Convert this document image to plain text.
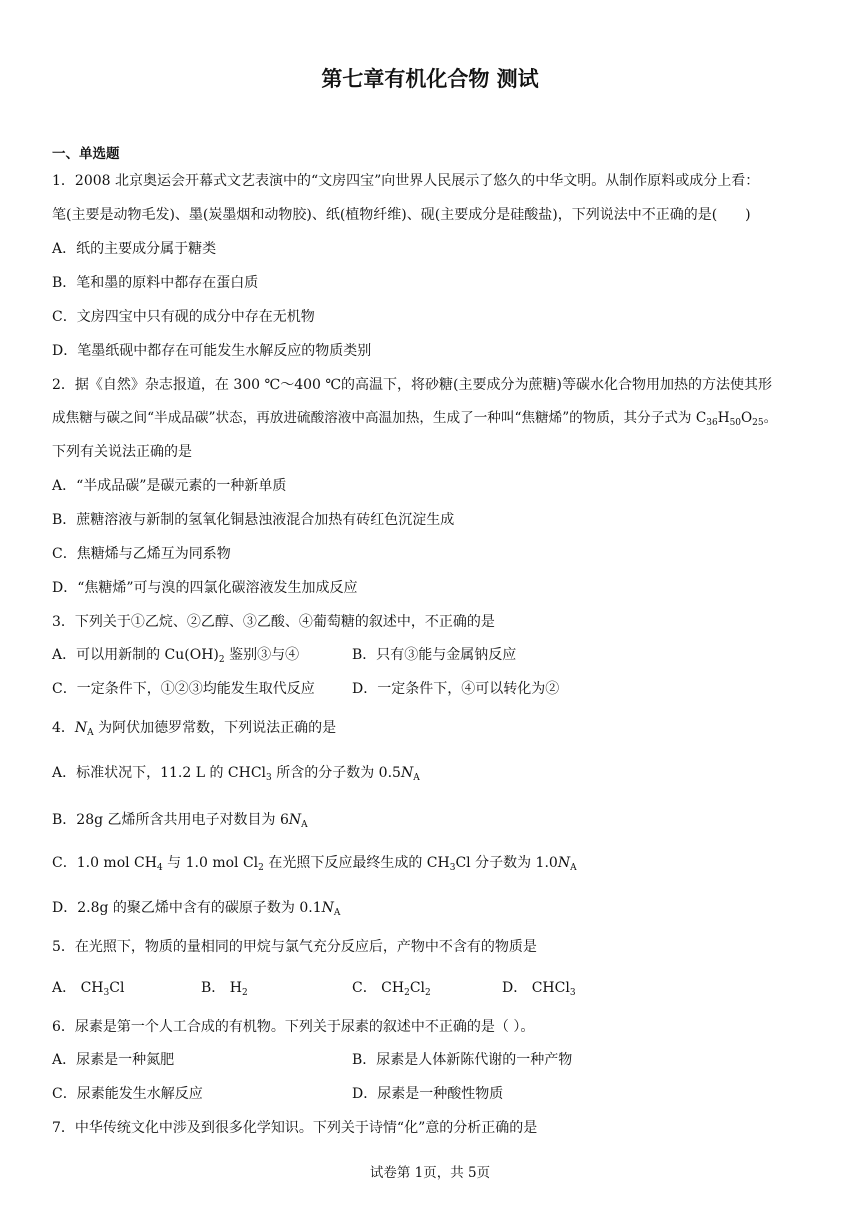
第七章有机化合物 测试
一、单选题
1．2008 北京奥运会开幕式文艺表演中的“文房四宝”向世界人民展示了悠久的中华文明。从制作原料或成分上看：
笔(主要是动物毛发)、墨(炭墨烟和动物胶)、纸(植物纤维)、砚(主要成分是硅酸盐)，下列说法中不正确的是(　　)
A．纸的主要成分属于糖类
B．笔和墨的原料中都存在蛋白质
C．文房四宝中只有砚的成分中存在无机物
D．笔墨纸砚中都存在可能发生水解反应的物质类别
2．据《自然》杂志报道，在 300 ℃～400 ℃的高温下，将砂糖(主要成分为蔗糖)等碳水化合物用加热的方法使其形
成焦糖与碳之间“半成品碳”状态，再放进硫酸溶液中高温加热，生成了一种叫“焦糖烯”的物质，其分子式为 $C_{36}H_{50}O_{25}$。
下列有关说法正确的是
A．“半成品碳”是碳元素的一种新单质
B．蔗糖溶液与新制的氢氧化铜悬浊液混合加热有砖红色沉淀生成
C．焦糖烯与乙烯互为同系物
D．“焦糖烯”可与溴的四氯化碳溶液发生加成反应
3．下列关于①乙烷、②乙醇、③乙酸、④葡萄糖的叙述中，不正确的是
A．可以用新制的 $Cu(OH)_2$ 鉴别③与④	B．只有③能与金属钠反应
C．一定条件下，①②③均能发生取代反应	D．一定条件下，④可以转化为②
4．$N_A$ 为阿伏加德罗常数，下列说法正确的是
A．标准状况下，11.2 L 的 CHCl$_3$ 所含的分子数为 $0.5N_A$
B．28g 乙烯所含共用电子对数目为 $6N_A$
C．1.0 mol $CH_4$ 与 1.0 mol $Cl_2$ 在光照下反应最终生成的 $CH_3Cl$ 分子数为 $1.0N_A$
D．2.8g 的聚乙烯中含有的碳原子数为 $0.1N_A$
5．在光照下，物质的量相同的甲烷与氯气充分反应后，产物中不含有的物质是
A． $CH_3Cl$	B． $H_2$	C． $CH_2Cl_2$	D． CHCl$_3$
6．尿素是第一个人工合成的有机物。下列关于尿素的叙述中不正确的是（ ）。
A．尿素是一种氮肥	B．尿素是人体新陈代谢的一种产物
C．尿素能发生水解反应	D．尿素是一种酸性物质
7．中华传统文化中涉及到很多化学知识。下列关于诗情“化”意的分析正确的是
试卷第 1页，共 5页
